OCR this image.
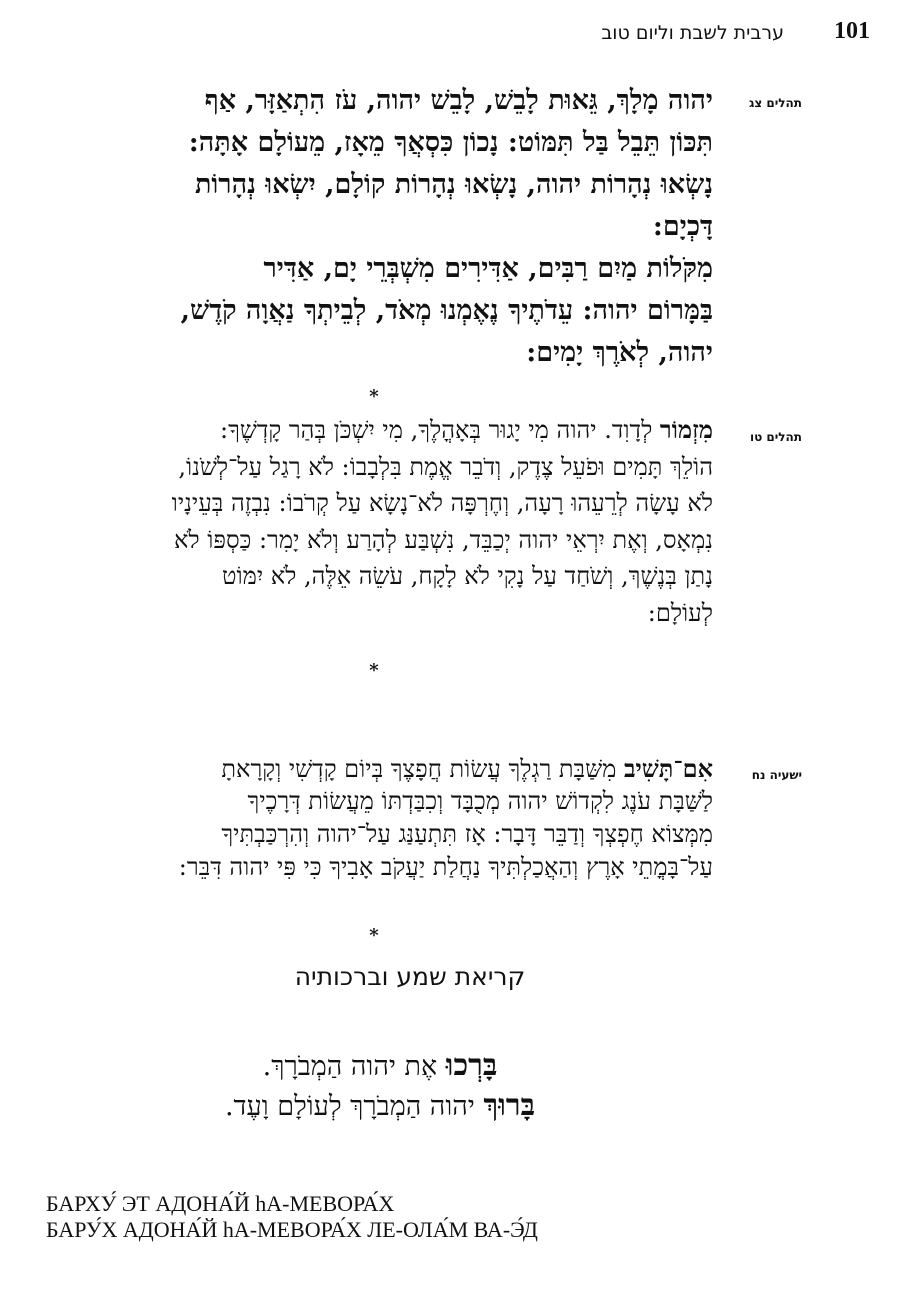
ערבית לשבת וליום טוב 101
תהלים צג
יהוה מָלָךְ, גֵּאוּת לָבֵשׁ, לָבֵשׁ יהוה, עֹז הִתְאַזָּר, אַף
תִּכּוֹן תֵּבֵל בַּל תִּמּוֹט: נָכוֹן כִּסְאֲךָ מֵאָז, מֵעוֹלָם אָתָּה:
נָשְׂאוּ נְהָרוֹת יהוה, נָשְׂאוּ נְהָרוֹת קוֹלָם, יִשְׂאוּ נְהָרוֹת
דָּכְיָם:
מִקֹּלוֹת מַיִם רַבִּים, אַדִּירִים מִשְׁבְּרֵי יָם, אַדִּיר
בַּמָּרוֹם יהוה: עֵדֹתֶיךָ נֶאֶמְנוּ מְאֹד, לְבֵיתְךָ נַאֲוָה קֹדֶשׁ,
יהוה, לְאֹרֶךְ יָמִים:
*
תהלים טו
מִזְמוֹר לְדָוִד. יהוה מִי יָגוּר בְּאָהֳלֶךָ, מִי יִשְׁכֹּן בְּהַר קָדְשֶׁךָ:
הוֹלֵךְ תָּמִים וּפֹעֵל צֶדֶק, וְדֹבֵר אֱמֶת בִּלְבָבוֹ: לֹא רָגַל עַל־לְשֹׁנוֹ,
לֹא עָשָׂה לְרֵעֵהוּ רָעָה, וְחֶרְפָּה לֹא־נָשָׂא עַל קְרֹבוֹ: נִבְזֶה בְּעֵינָיו
נִמְאָס, וְאֶת יִרְאֵי יהוה יְכַבֵּד, נִשְׁבַּע לְהָרַע וְלֹא יָמִר: כַּסְפּוֹ לֹא
נָתַן בְּנֶשֶׁךְ, וְשֹׁחַד עַל נָקִי לֹא לָקָח, עֹשֵׂה אֵלֶּה, לֹא יִמּוֹט
לְעוֹלָם:
*
ישעיה נח
אִם־תָּשִׁיב מִשַּׁבָּת רַגְלֶךָ עֲשׂוֹת חֲפָצֶךָ בְּיוֹם קָדְשִׁי וְקָרָאתָ
לַשַּׁבָּת עֹנֶג לִקְדוֹשׁ יהוה מְכֻבָּד וְכִבַּדְתּוֹ מֵעֲשׂוֹת דְּרָכֶיךָ
מִמְּצוֹא חֶפְצְךָ וְדַבֵּר דָּבָר: אָז תִּתְעַנַּג עַל־יהוה וְהִרְכַּבְתִּיךָ
עַל־בָּמֳתֵי אָרֶץ וְהַאֲכַלְתִּיךָ נַחֲלַת יַעֲקֹב אָבִיךָ כִּי פִּי יהוה דִּבֵּר:
*
קריאת שמע וברכותיה
בָּרְכוּ אֶת יהוה הַמְבֹרָךְ.
בָּרוּךְ יהוה הַמְבֹרָךְ לְעוֹלָם וָעֶד.
БАРХУ́ ЭТ АДОНА́Й hА-МЕВОРА́Х
БАРУ́Х АДОНА́Й hА-МЕВОРА́Х ЛЕ-ОЛА́М ВА-Э́Д
